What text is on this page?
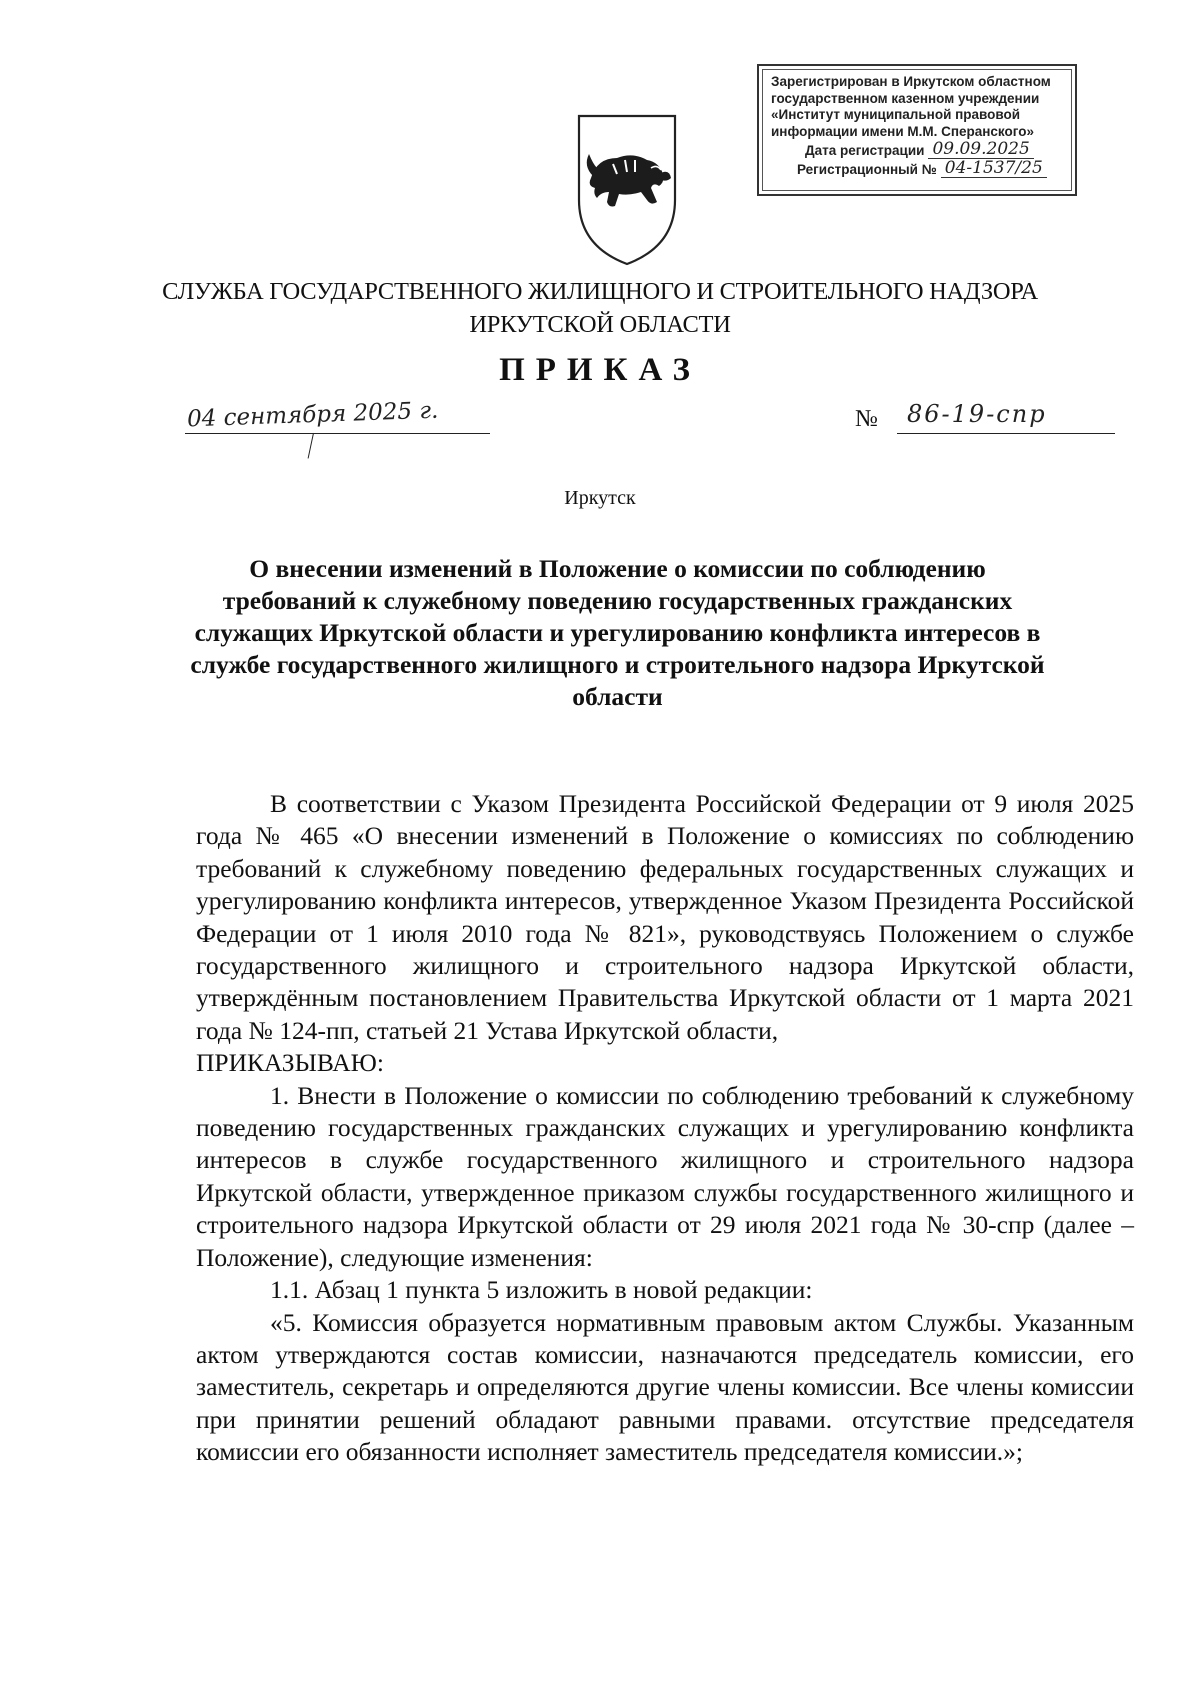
Зарегистрирован в Иркутском областном
государственном казенном учреждении
«Институт муниципальной правовой
информации имени М.М. Сперанского»
Дата регистрации 09.09.2025
Регистрационный № 04-1537/25
СЛУЖБА ГОСУДАРСТВЕННОГО ЖИЛИЩНОГО И СТРОИТЕЛЬНОГО НАДЗОРА
ИРКУТСКОЙ ОБЛАСТИ
ПРИКАЗ
04 сентября 2025 г.	№ 86-19-спр
Иркутск
О внесении изменений в Положение о комиссии по соблюдению требований к служебному поведению государственных гражданских служащих Иркутской области и урегулированию конфликта интересов в службе государственного жилищного и строительного надзора Иркутской области

В соответствии с Указом Президента Российской Федерации от 9 июля 2025 года № 465 «О внесении изменений в Положение о комиссиях по соблюдению требований к служебному поведению федеральных государственных служащих и урегулированию конфликта интересов, утвержденное Указом Президента Российской Федерации от 1 июля 2010 года № 821», руководствуясь Положением о службе государственного жилищного и строительного надзора Иркутской области, утверждённым постановлением Правительства Иркутской области от 1 марта 2021 года № 124-пп, статьей 21 Устава Иркутской области,

ПРИКАЗЫВАЮ:

1. Внести в Положение о комиссии по соблюдению требований к служебному поведению государственных гражданских служащих и урегулированию конфликта интересов в службе государственного жилищного и строительного надзора Иркутской области, утвержденное приказом службы государственного жилищного и строительного надзора Иркутской области от 29 июля 2021 года № 30-спр (далее – Положение), следующие изменения:

1.1. Абзац 1 пункта 5 изложить в новой редакции:

«5. Комиссия образуется нормативным правовым актом Службы. Указанным актом утверждаются состав комиссии, назначаются председатель комиссии, его заместитель, секретарь и определяются другие члены комиссии. Все члены комиссии при принятии решений обладают равными правами. отсутствие председателя комиссии его обязанности исполняет заместитель председателя комиссии.»;
